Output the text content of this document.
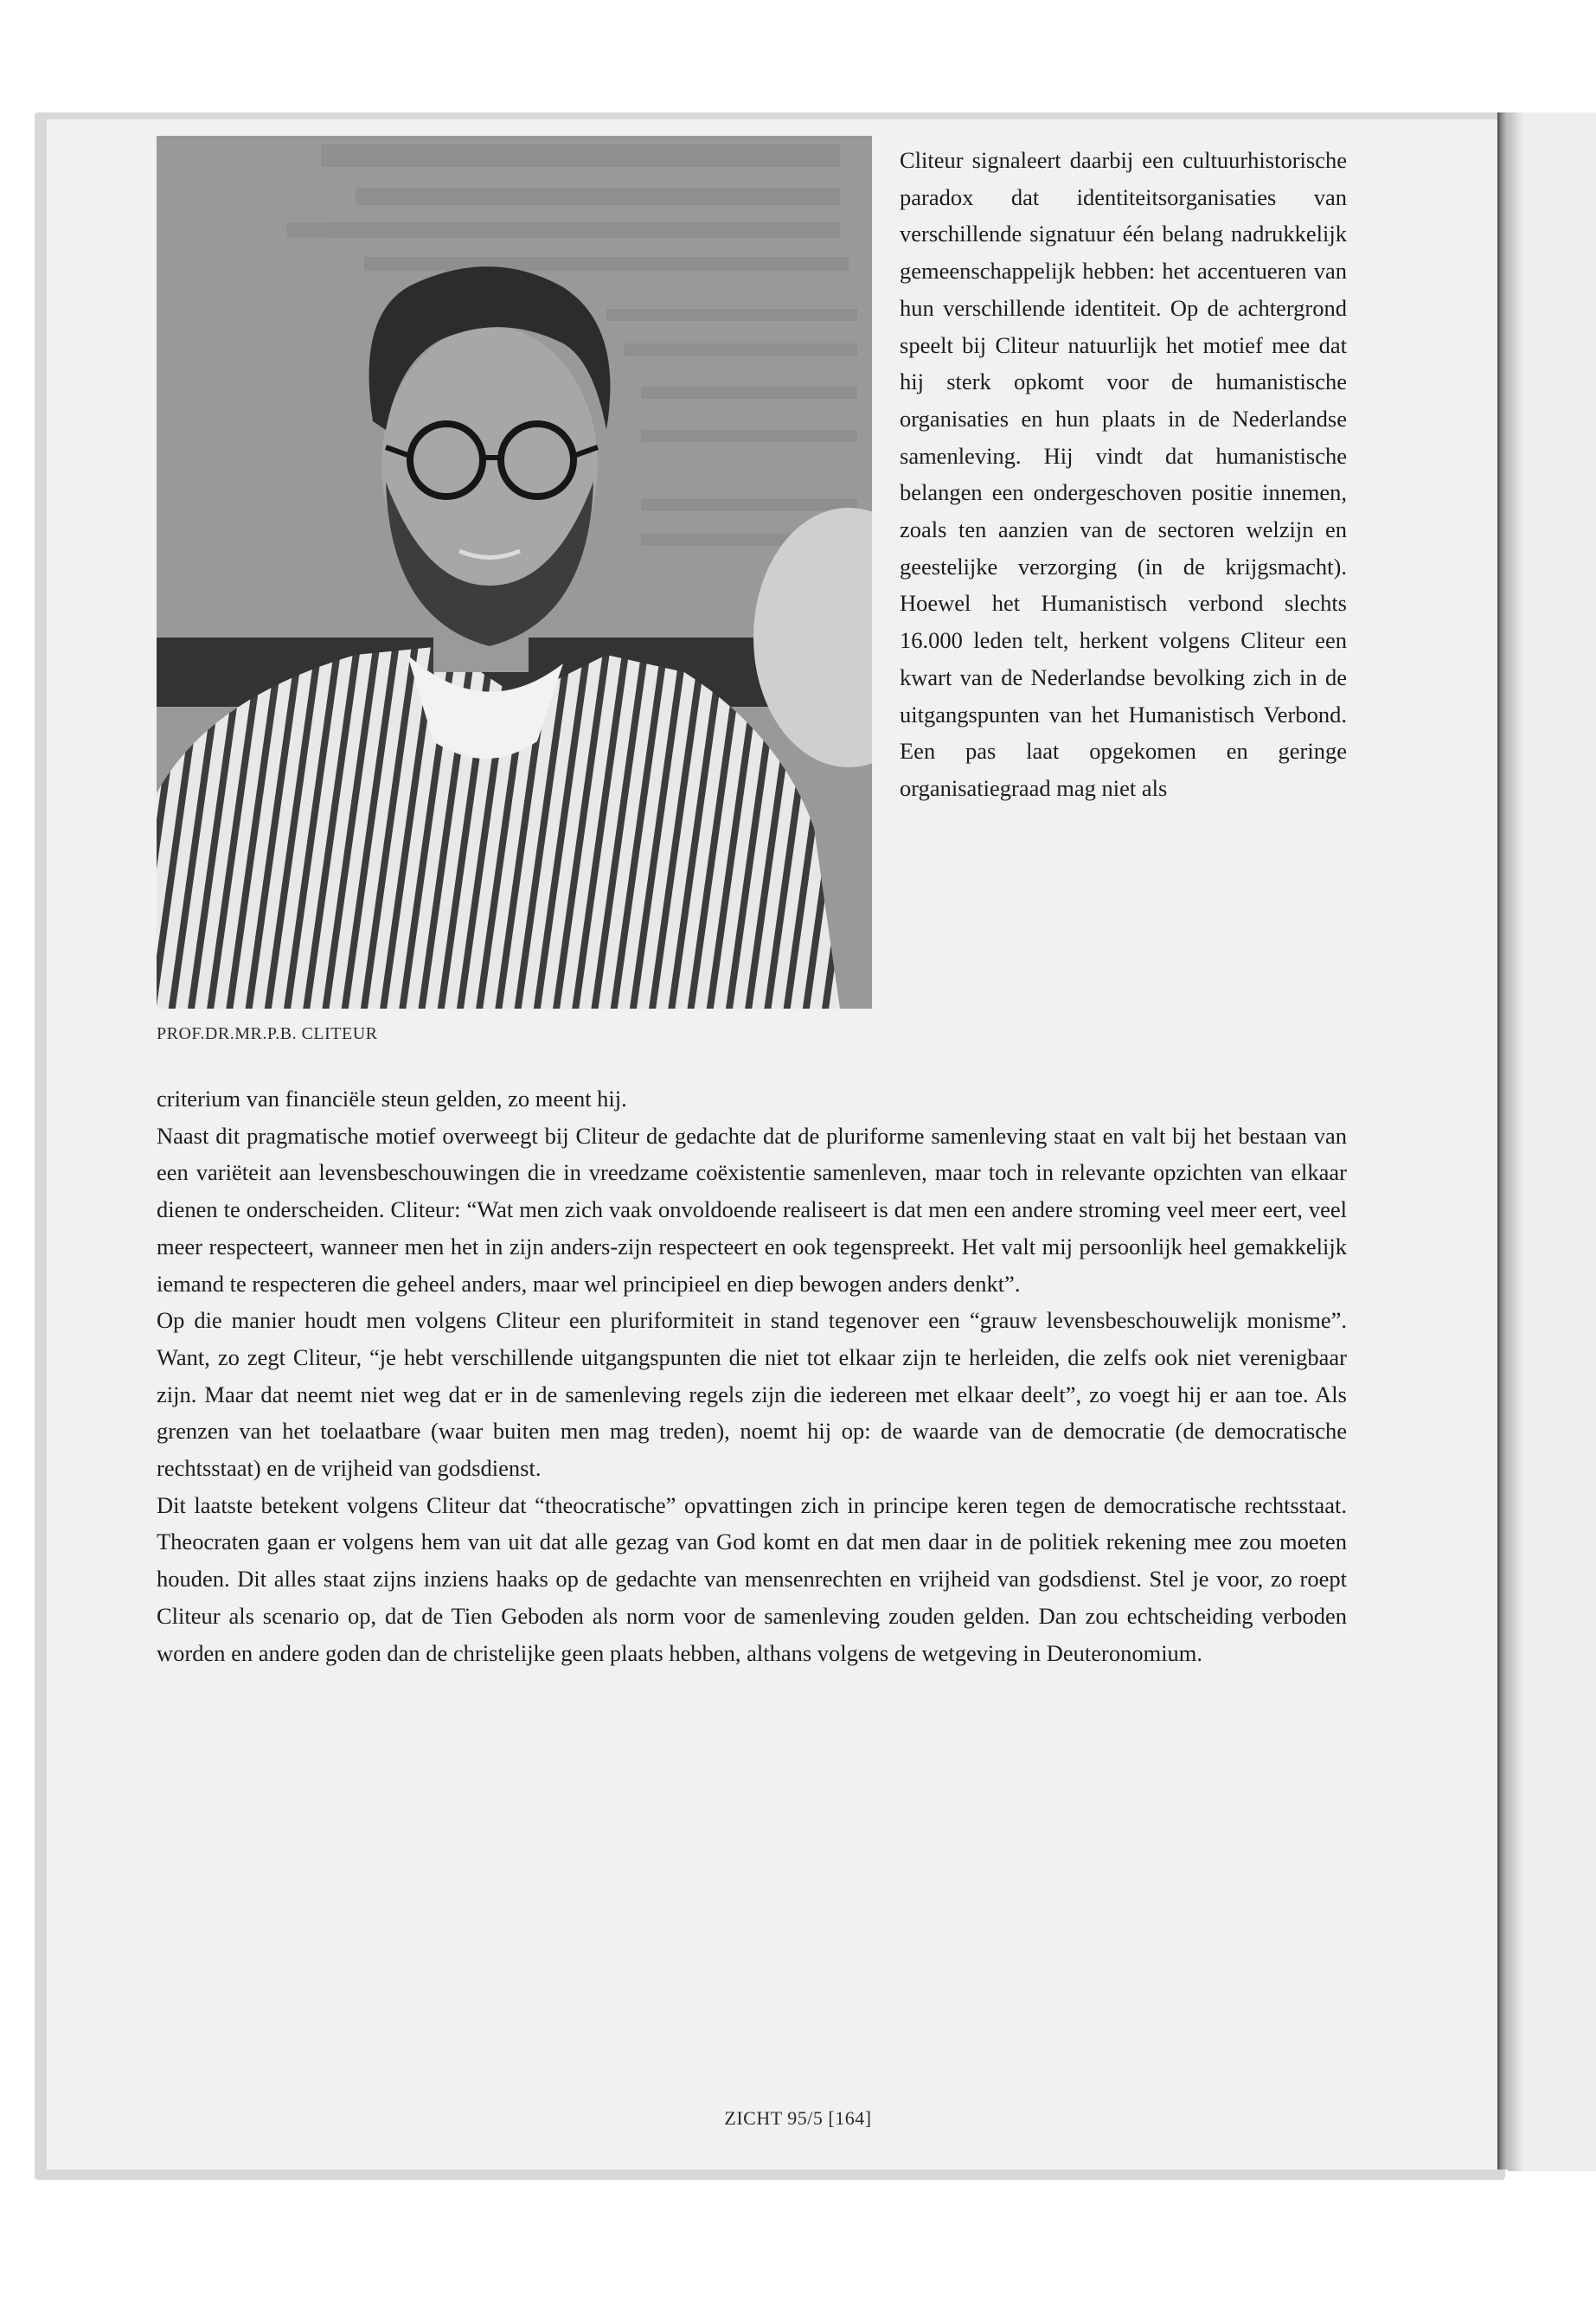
PROF.DR.MR.P.B. CLITEUR

Cliteur signaleert daarbij een cultuurhistorische paradox dat identiteitsorganisaties van verschillende signatuur één belang nadrukkelijk gemeenschappelijk hebben: het accentueren van hun verschillende identiteit. Op de achtergrond speelt bij Cliteur natuurlijk het motief mee dat hij sterk opkomt voor de humanistische organisaties en hun plaats in de Nederlandse samenleving. Hij vindt dat humanistische belangen een ondergeschoven positie innemen, zoals ten aanzien van de sectoren welzijn en geestelijke verzorging (in de krijgsmacht). Hoewel het Humanistisch verbond slechts 16.000 leden telt, herkent volgens Cliteur een kwart van de Nederlandse bevolking zich in de uitgangspunten van het Humanistisch Verbond. Een pas laat opgekomen en geringe organisatiegraad mag niet als

criterium van financiële steun gelden, zo meent hij.

Naast dit pragmatische motief overweegt bij Cliteur de gedachte dat de pluriforme samenleving staat en valt bij het bestaan van een variëteit aan levensbeschouwingen die in vreedzame coëxistentie samenleven, maar toch in relevante opzichten van elkaar dienen te onderscheiden. Cliteur: “Wat men zich vaak onvoldoende realiseert is dat men een andere stroming veel meer eert, veel meer respecteert, wanneer men het in zijn anders-zijn respecteert en ook tegenspreekt. Het valt mij persoonlijk heel gemakkelijk iemand te respecteren die geheel anders, maar wel principieel en diep bewogen anders denkt”.

Op die manier houdt men volgens Cliteur een pluriformiteit in stand tegenover een “grauw levensbeschouwelijk monisme”. Want, zo zegt Cliteur, “je hebt verschillende uitgangspunten die niet tot elkaar zijn te herleiden, die zelfs ook niet verenigbaar zijn. Maar dat neemt niet weg dat er in de samenleving regels zijn die iedereen met elkaar deelt”, zo voegt hij er aan toe. Als grenzen van het toelaatbare (waar buiten men mag treden), noemt hij op: de waarde van de democratie (de democratische rechtsstaat) en de vrijheid van godsdienst.

Dit laatste betekent volgens Cliteur dat “theocratische” opvattingen zich in principe keren tegen de democratische rechtsstaat. Theocraten gaan er volgens hem van uit dat alle gezag van God komt en dat men daar in de politiek rekening mee zou moeten houden. Dit alles staat zijns inziens haaks op de gedachte van mensenrechten en vrijheid van godsdienst. Stel je voor, zo roept Cliteur als scenario op, dat de Tien Geboden als norm voor de samenleving zouden gelden. Dan zou echtscheiding verboden worden en andere goden dan de christelijke geen plaats hebben, althans volgens de wetgeving in Deuteronomium.

ZICHT 95/5 [164]
